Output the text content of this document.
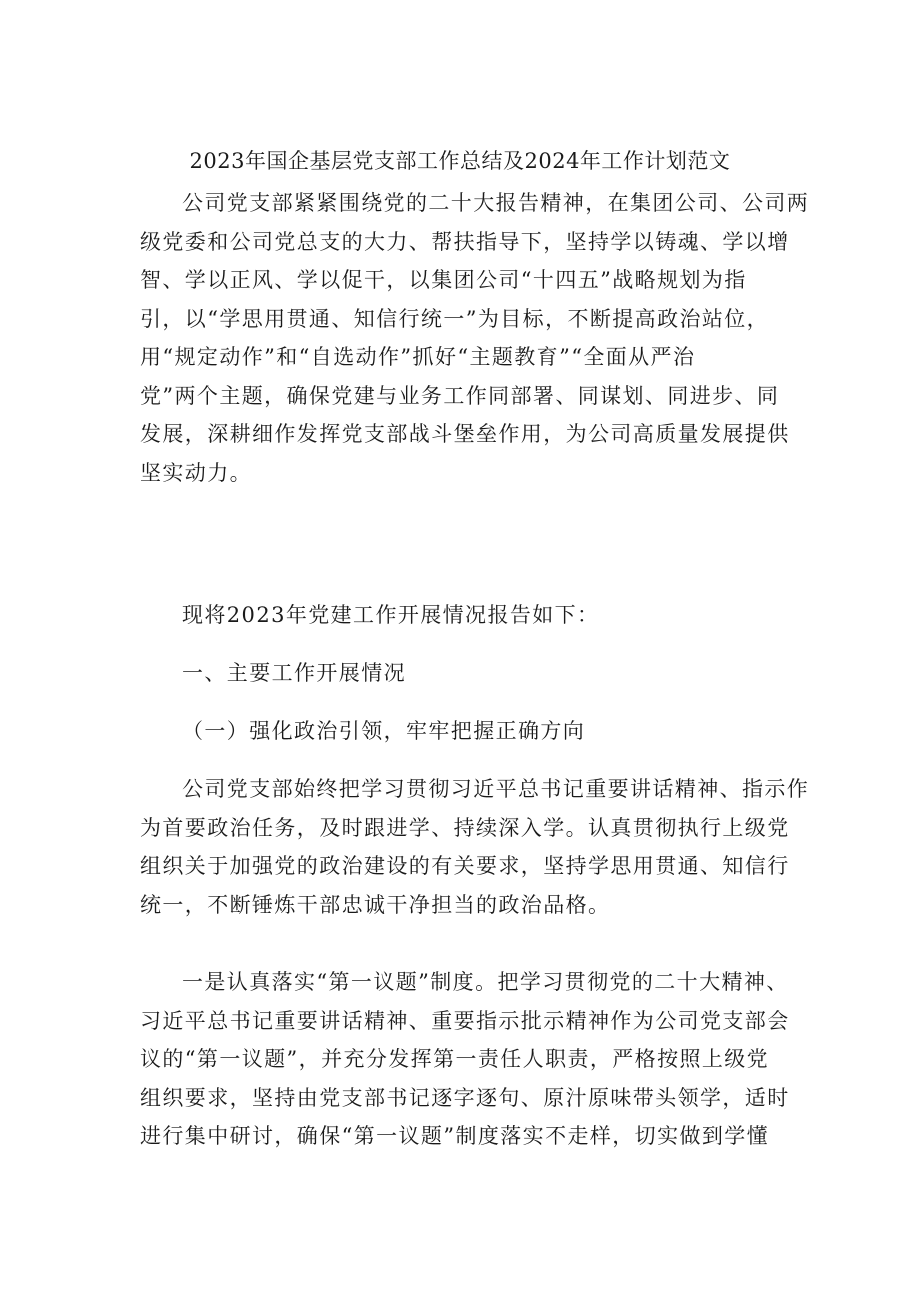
2023年国企基层党支部工作总结及2024年工作计划范文
公司党支部紧紧围绕党的二十大报告精神，在集团公司、公司两
级党委和公司党总支的大力、帮扶指导下，坚持学以铸魂、学以增
智、学以正风、学以促干，以集团公司“十四五”战略规划为指
引，以“学思用贯通、知信行统一”为目标，不断提高政治站位，
用“规定动作”和“自选动作”抓好“主题教育”“全面从严治
党”两个主题，确保党建与业务工作同部署、同谋划、同进步、同
发展，深耕细作发挥党支部战斗堡垒作用，为公司高质量发展提供
坚实动力。
现将2023年党建工作开展情况报告如下：
一、主要工作开展情况
（一）强化政治引领，牢牢把握正确方向
公司党支部始终把学习贯彻习近平总书记重要讲话精神、指示作
为首要政治任务，及时跟进学、持续深入学。认真贯彻执行上级党
组织关于加强党的政治建设的有关要求，坚持学思用贯通、知信行
统一，不断锤炼干部忠诚干净担当的政治品格。
一是认真落实“第一议题”制度。把学习贯彻党的二十大精神、
习近平总书记重要讲话精神、重要指示批示精神作为公司党支部会
议的“第一议题”，并充分发挥第一责任人职责，严格按照上级党
组织要求，坚持由党支部书记逐字逐句、原汁原味带头领学，适时
进行集中研讨，确保“第一议题”制度落实不走样，切实做到学懂
